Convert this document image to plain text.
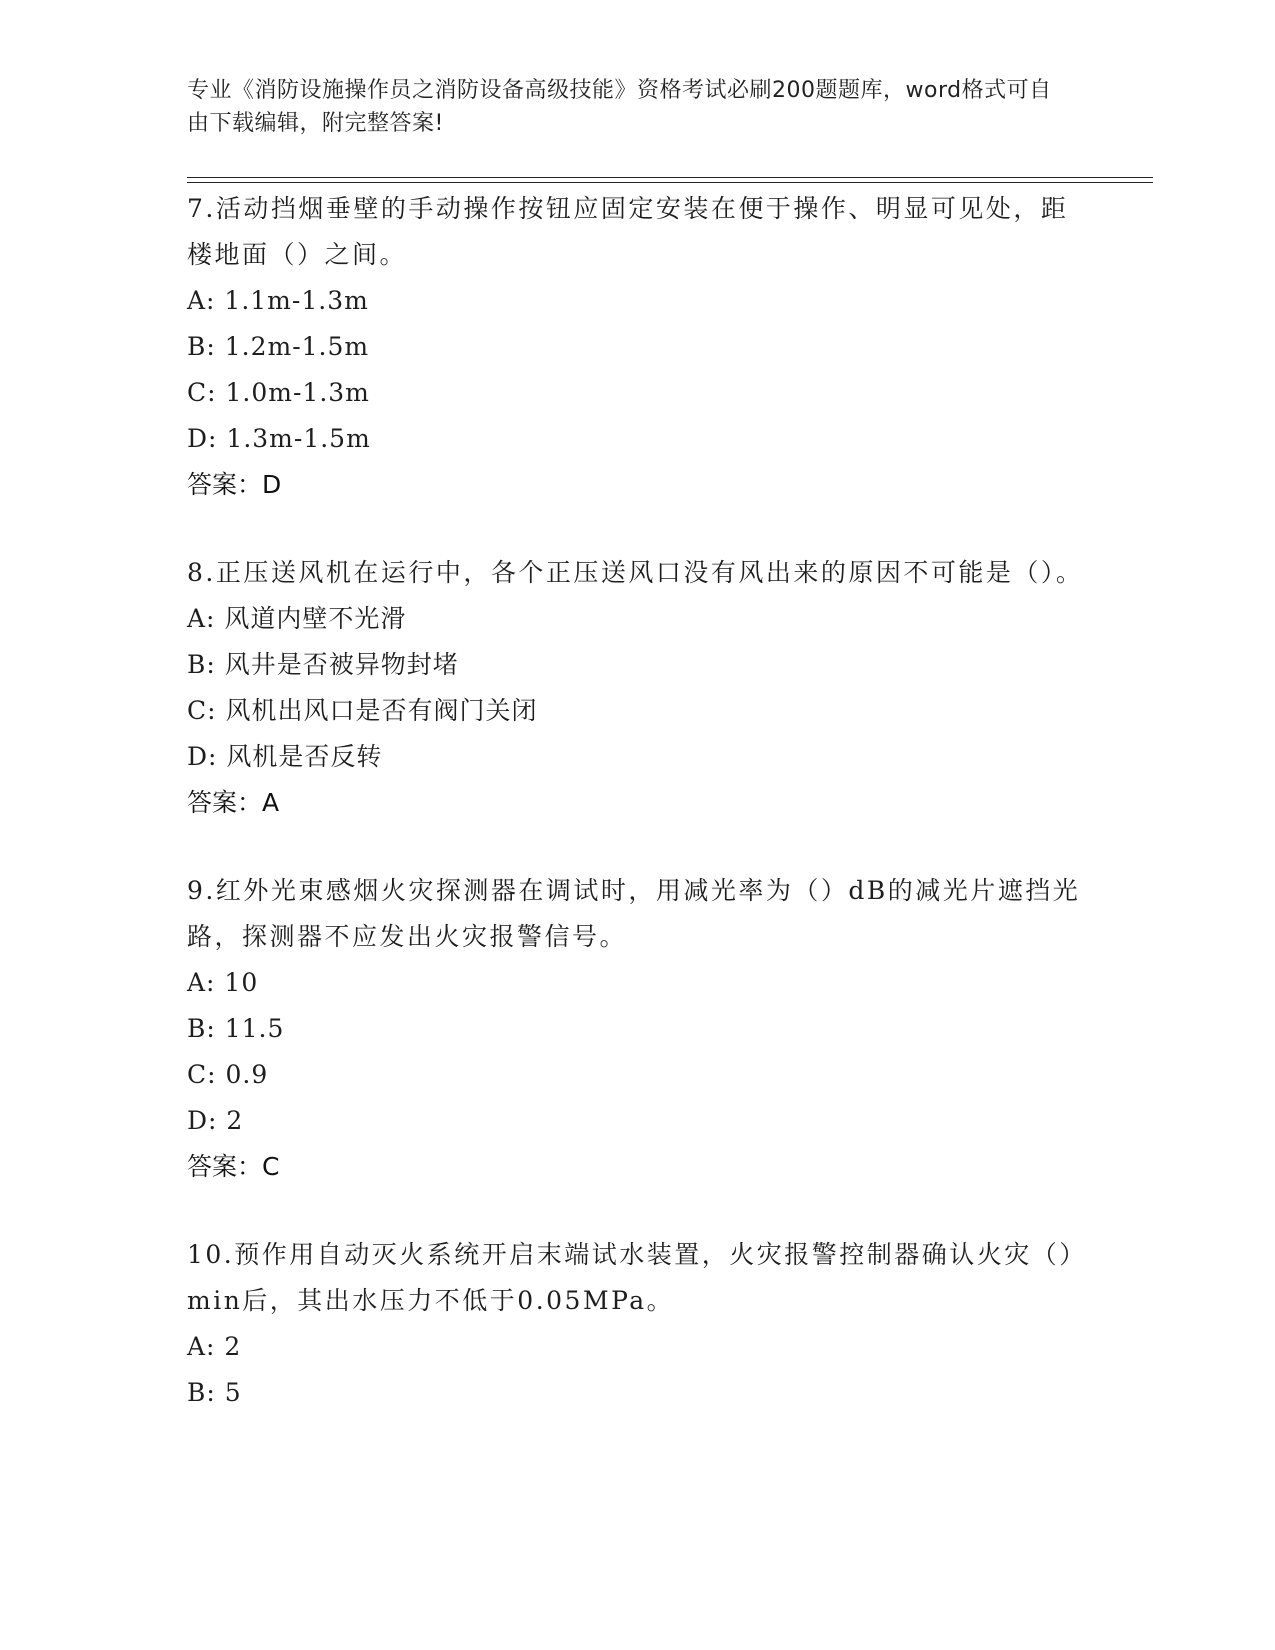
专业《消防设施操作员之消防设备高级技能》资格考试必刷200题题库，word格式可自由下载编辑，附完整答案!

7.活动挡烟垂壁的手动操作按钮应固定安装在便于操作、明显可见处，距楼地面（）之间。

A: 1.1m-1.3m

B: 1.2m-1.5m

C: 1.0m-1.3m

D: 1.3m-1.5m

答案：D

8.正压送风机在运行中，各个正压送风口没有风出来的原因不可能是（）。

A: 风道内壁不光滑

B: 风井是否被异物封堵

C: 风机出风口是否有阀门关闭

D: 风机是否反转

答案：A

9.红外光束感烟火灾探测器在调试时，用减光率为（）dB的减光片遮挡光路，探测器不应发出火灾报警信号。

A: 10

B: 11.5

C: 0.9

D: 2

答案：C

10.预作用自动灭火系统开启末端试水装置，火灾报警控制器确认火灾（）min后，其出水压力不低于0.05MPa。

A: 2

B: 5
